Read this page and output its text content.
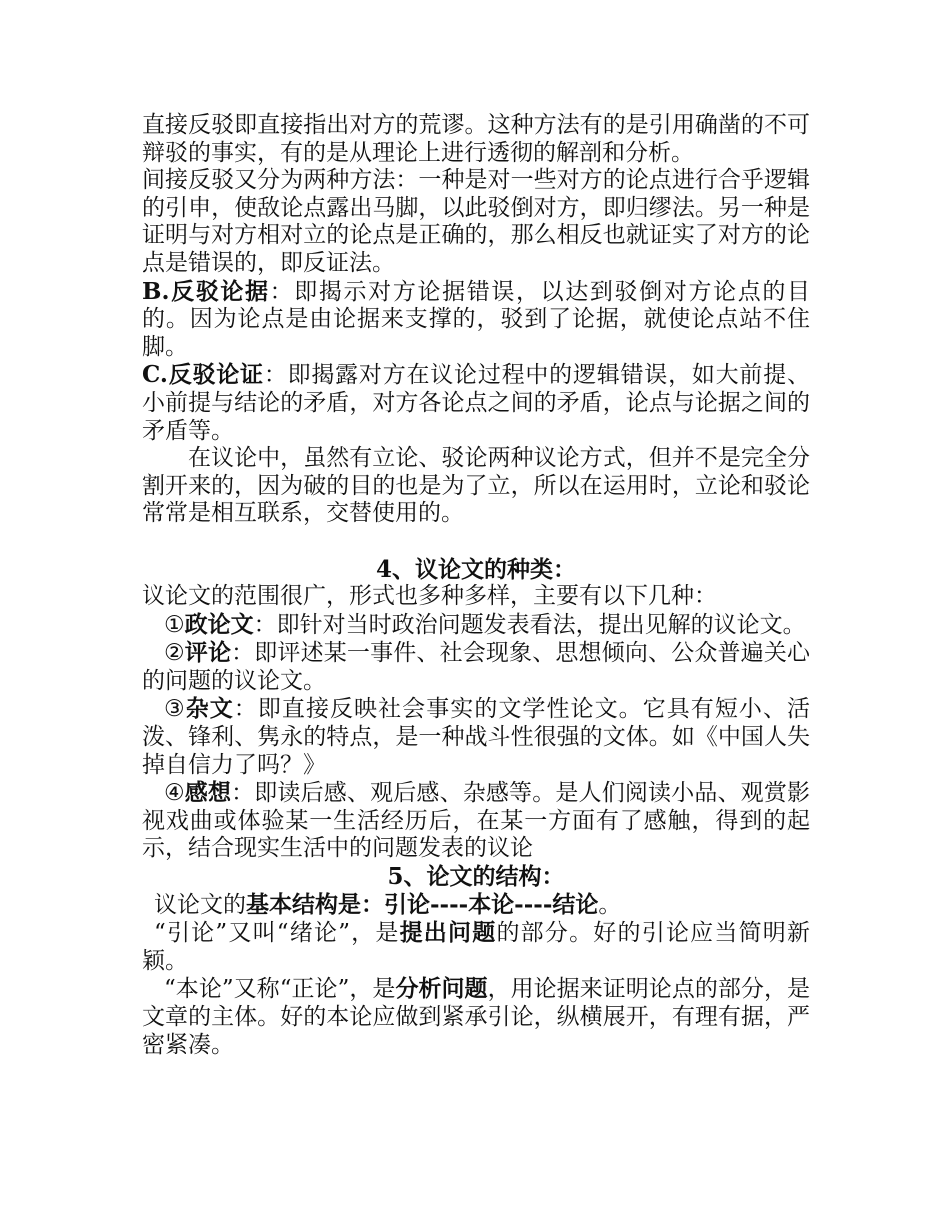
直接反驳即直接指出对方的荒谬。这种方法有的是引用确凿的不可辩驳的事实，有的是从理论上进行透彻的解剖和分析。

间接反驳又分为两种方法：一种是对一些对方的论点进行合乎逻辑的引申，使敌论点露出马脚，以此驳倒对方，即归缪法。另一种是证明与对方相对立的论点是正确的，那么相反也就证实了对方的论点是错误的，即反证法。

B.反驳论据：即揭示对方论据错误，以达到驳倒对方论点的目的。因为论点是由论据来支撑的，驳到了论据，就使论点站不住脚。

C.反驳论证：即揭露对方在议论过程中的逻辑错误，如大前提、小前提与结论的矛盾，对方各论点之间的矛盾，论点与论据之间的矛盾等。

在议论中，虽然有立论、驳论两种议论方式，但并不是完全分割开来的，因为破的目的也是为了立，所以在运用时，立论和驳论常常是相互联系，交替使用的。

4、议论文的种类：

议论文的范围很广，形式也多种多样，主要有以下几种：

①政论文：即针对当时政治问题发表看法，提出见解的议论文。

②评论：即评述某一事件、社会现象、思想倾向、公众普遍关心的问题的议论文。

③杂文：即直接反映社会事实的文学性论文。它具有短小、活泼、锋利、隽永的特点，是一种战斗性很强的文体。如《中国人失掉自信力了吗？》

④感想：即读后感、观后感、杂感等。是人们阅读小品、观赏影视戏曲或体验某一生活经历后，在某一方面有了感触，得到的起示，结合现实生活中的问题发表的议论

5、论文的结构：

议论文的基本结构是：引论----本论----结论。

“引论”又叫“绪论”，是提出问题的部分。好的引论应当简明新颖。

“本论”又称“正论”，是分析问题，用论据来证明论点的部分，是文章的主体。好的本论应做到紧承引论，纵横展开，有理有据，严密紧凑。
